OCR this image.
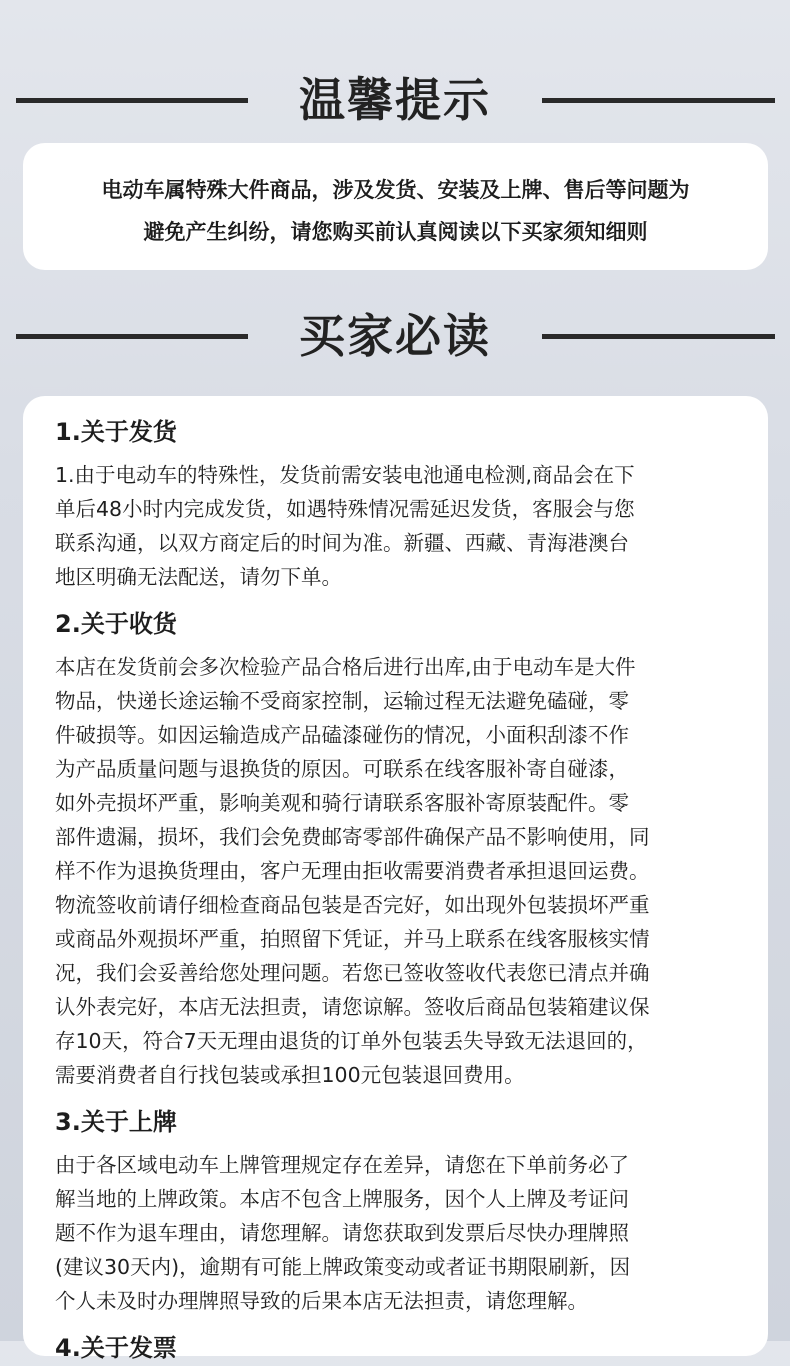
温馨提示
电动车属特殊大件商品，涉及发货、安装及上牌、售后等问题为
避免产生纠纷，请您购买前认真阅读以下买家须知细则
买家必读
1.关于发货
1.由于电动车的特殊性，发货前需安装电池通电检测,商品会在下
单后48小时内完成发货，如遇特殊情况需延迟发货，客服会与您
联系沟通，以双方商定后的时间为准。新疆、西藏、青海港澳台
地区明确无法配送，请勿下单。
2.关于收货
本店在发货前会多次检验产品合格后进行出库,由于电动车是大件
物品，快递长途运输不受商家控制，运输过程无法避免磕碰，零
件破损等。如因运输造成产品磕漆碰伤的情况，小面积刮漆不作
为产品质量问题与退换货的原因。可联系在线客服补寄自碰漆，
如外壳损坏严重，影响美观和骑行请联系客服补寄原装配件。零
部件遗漏，损坏，我们会免费邮寄零部件确保产品不影响使用，同
样不作为退换货理由，客户无理由拒收需要消费者承担退回运费。
物流签收前请仔细检查商品包装是否完好，如出现外包装损坏严重
或商品外观损坏严重，拍照留下凭证，并马上联系在线客服核实情
况，我们会妥善给您处理问题。若您已签收签收代表您已清点并确
认外表完好，本店无法担责，请您谅解。签收后商品包装箱建议保
存10天，符合7天无理由退货的订单外包装丢失导致无法退回的，
需要消费者自行找包装或承担100元包装退回费用。
3.关于上牌
由于各区域电动车上牌管理规定存在差异，请您在下单前务必了
解当地的上牌政策。本店不包含上牌服务，因个人上牌及考证问
题不作为退车理由，请您理解。请您获取到发票后尽快办理牌照
(建议30天内)，逾期有可能上牌政策变动或者证书期限刷新，因
个人未及时办理牌照导致的后果本店无法担责，请您理解。
4.关于发票
